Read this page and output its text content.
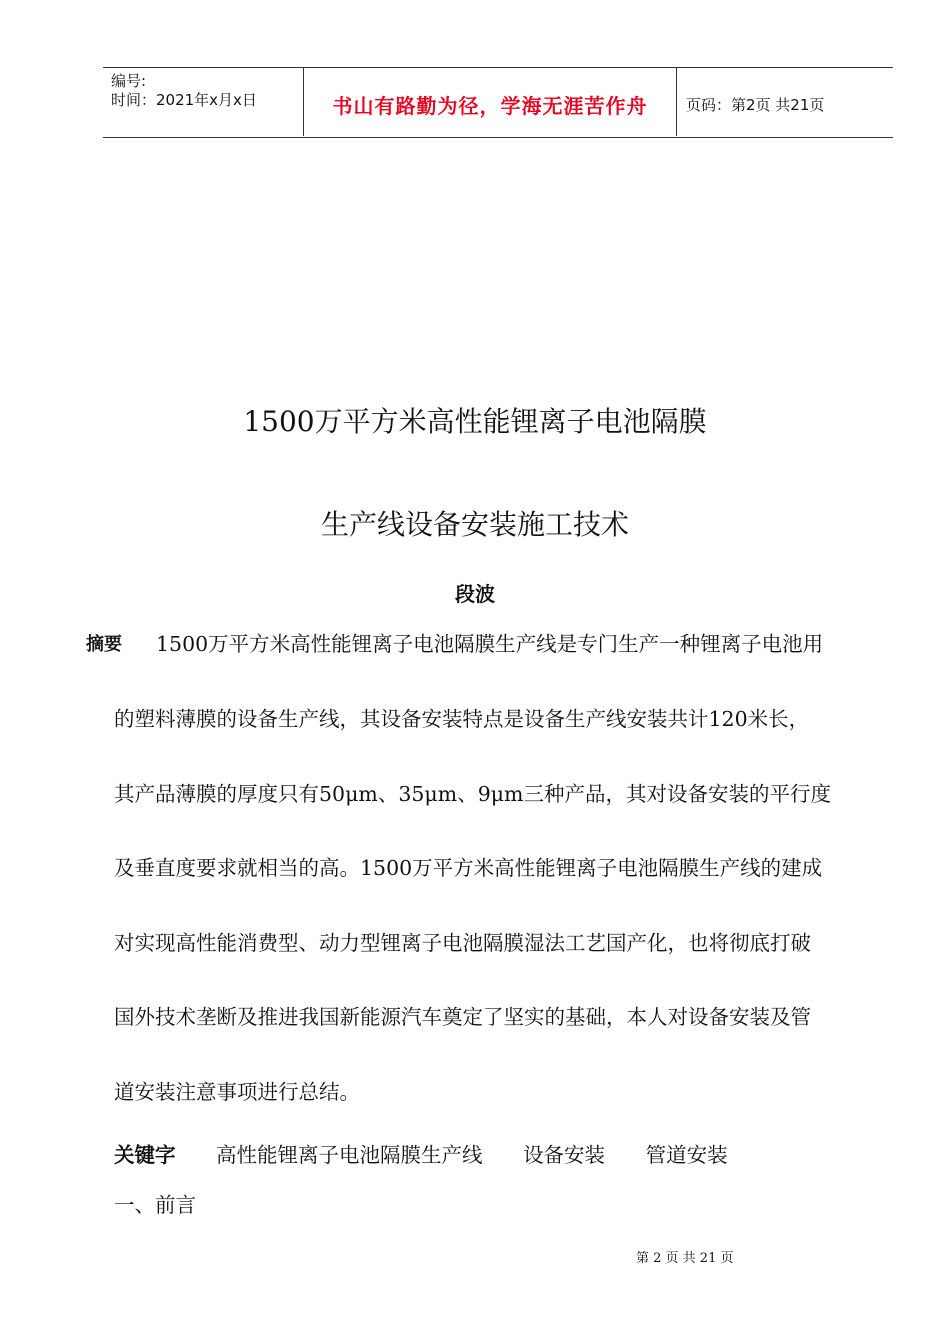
编号:
时间：2021年x月x日	书山有路勤为径，学海无涯苦作舟	页码：第2页 共21页
1500万平方米高性能锂离子电池隔膜
生产线设备安装施工技术
段波
摘要 1500万平方米高性能锂离子电池隔膜生产线是专门生产一种锂离子电池用
的塑料薄膜的设备生产线，其设备安装特点是设备生产线安装共计120米长，
其产品薄膜的厚度只有50μm、35μm、9μm三种产品，其对设备安装的平行度
及垂直度要求就相当的高。1500万平方米高性能锂离子电池隔膜生产线的建成
对实现高性能消费型、动力型锂离子电池隔膜湿法工艺国产化，也将彻底打破
国外技术垄断及推进我国新能源汽车奠定了坚实的基础，本人对设备安装及管
道安装注意事项进行总结。
关键字 高性能锂离子电池隔膜生产线 设备安装 管道安装
一、前言
第 2 页 共 21 页
